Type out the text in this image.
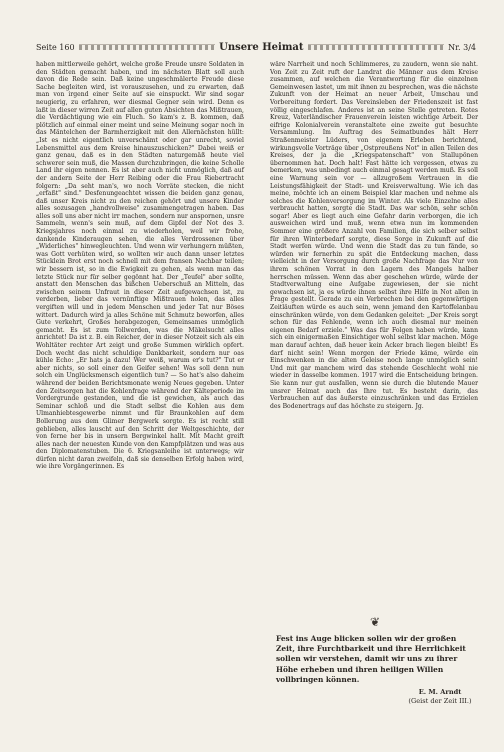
Seite 160	Unsere Heimat	Nr. 3/4

haben mittlerweile gehört, welche große Freude unsre Soldaten in den Städten gemacht haben, und im nächsten Blatt soll auch davon die Rede sein. Daß keine ungeschmälerte Freude diese Sache begleiten wird, ist vorauszusehen, und zu erwarten, daß man von irgend einer Seite auf sie einspuckt. Wir sind sogar neugierig, zu erfahren, wer diesmal Gegner sein wird. Denn es laßt in dieser wirren Zeit auf allen guten Absichten das Mißtrauen, die Verdächtigung wie ein Fluch. So kam's z. B. kommen, daß plötzlich auf einmal einer meint und seine Meinung sogar noch in das Mäntelchen der Barmherzigkeit mit den Allernächsten hüllt: „Ist es nicht eigentlich unverschämt oder gar unrecht, soviel Lebensmittel aus dem Kreise hinauszuschicken?" Dabei weiß er ganz genau, daß es in den Städten naturgemäß heute viel schwerer sein muß, die Massen durchzubringen, die keine Scholle Land ihr eigen nennen. Es ist aber auch nicht unmöglich, daß auf der andern Seite der Herr Reibing oder die Frau Riebertracht folgern: „Da seht man's, wo noch Vorräte stecken, die nicht „erfaßt" sind." Desfenungeachtet wissen die beiden ganz genau, daß unser Kreis nicht zu den reichen gehört und unsere Kinder alles sozusagen „handvollweise" zusammengetragen haben. Das alles soll uns aber nicht irr machen, sondern nur anspornen, unsre Sammeln, wenn's sein muß, auf dem Gipfel der Not des 3. Kriegsjahres noch einmal zu wiederholen, weil wir frohe, dankende Kinderaugen sehen, die alles Verdrossenen über „Widerliches" hinwegleuchten. Und wenn wir verhungern müßten, was Gott verhüten wird, so wollten wir auch dann unser letztes Stücklein Brot erst noch schnell mit dem fransen Nachbar teilen; wir bessern ist, so in die Ewigkeit zu gehen, als wenn man das letzte Stück nur für selber gegönnt hat. Der „Teufel" aber sollte, anstatt den Menschen das bißchen Ueberschuß an Mitteln, das zwischen seinem Unfraut in dieser Zeit aufgewachsen ist, zu verderben, lieber das vernünftige Mißtrauen holen, das alles vergiften will und in jedem Menschen und jeder Tat nur Böses wittert. Dadurch wird ja alles Schöne mit Schmutz beworfen, alles Gute verkehrt, Großes herabgezogen, Gemeinsames unmöglich gemacht. Es ist zum Tollwerden, was die Mäkelsucht alles anrichtet! Da ist z. B. ein Reicher, der in dieser Notzeit sich als ein Wohltäter rechter Art zeigt und große Summen wirklich opfert. Doch wecht das nicht schuldige Dankbarkeit, sondern nur oas kühle Echo: „Er hats ja dazu! Wer weiß, warum er's tut?" Tut er aber nichts, so soll einer den Geifer sehen! Was soll denn nun solch ein Unglücksmensch eigentlich tun? — So hat's also daheim während der beiden Berichtsmonate wenig Neues gegeben. Unter den Zeitsorgen hat die Kohlenfrage während der Kälteperiode im Vordergrunde gestanden, und die ist gewichen, als auch das Seminar schloß und die Stadt selbst die Kohlen aus dem Ulmanhiebtesgewerbe nimmt und für Braunkohlen auf dem Bollerung aus dem Glimer Bergwerk sorgte. Es ist recht still geblieben, alles lauscht auf den Schritt der Weltgeschichte, der von ferne her bis in unsern Bergwinkel hallt. Mit Macht greift alles nach der neuesten Kunde von den Kampfplätzen und was aus den Diplomatenstuben. Die 6. Kriegsanleihe ist unterwegs; wir dürfen nicht daran zweifeln, daß sie denselben Erfolg haben wird, wie ihre Vorgängerinnen. Es

wäre Narrheit und noch Schlimmeres, zu zaudern, wenn sie naht. Von Zeit zu Zeit ruft der Landrat die Männer aus dem Kreise zusammen, auf welchen die Verantwortung für die einzelnen Gemeinwesen lastet, um mit ihnen zu besprechen, was die nächste Zukunft von der Heimat an neuer Arbeit, Umschau und Vorbereitung fordert. Das Vereinsleben der Friedenszeit ist fast völlig eingeschlafen. Anderes ist an seine Stelle getreten. Rotes Kreuz, Vaterländischer Frauenverein leisten wichtige Arbeit. Der eifrige Kolonialverein veranstaltete eine zweite gut besuchte Versammlung. Im Auftrag des Seimatbundes hält Herr Straßenmeister Lüders, von eigenem Erleben berichtend, wirkungsvolle Vorträge über „Ostpreußens Not" in allen Teilen des Kreises, der ja die „Kriegspatenschaft" von Stallupönen übernommen hat. Doch halt! Fast hätte ich vergessen, etwas zu bemerken, was unbedingt auch einmal gesagt werden muß. Es soll eine Warnung sein vor — allzugroßem Vertrauen in die Leistungsfähigkeit der Stadt- und Kreisverwaltung. Wie ich das meine, möchte ich an einem Beispiel klar machen und nehme als solches die Kohlenversorgung im Winter. Als viele Einzelne alles verbraucht hatten, sorgte die Stadt. Das war schön, sehr schön sogar! Aber es liegt auch eine Gefahr darin verborgen, die ich ausweichen wird und muß, wenn etwa nun im kommenden Sommer eine größere Anzahl von Familien, die sich selber selbst für ihren Winterbedarf sorgte, diese Sorge in Zukunft auf die Stadt werfen würde. Und wenn die Stadt das zu tun fände, so würden wir fernerhin zu spät die Entdeckung machen, dass vielleicht in der Versorgung durch große Nachfrage das Nur von ihrem schönen Vorrat in den Lagern des Mangels halber herrschen müssen. Wenn das aber geschehen würde, würde der Stadtverwaltung eine Aufgabe zugewiesen, der sie nicht gewachsen ist, ja es würde ihnen selbst ihre Hilfe in Not allen in Frage gestellt. Gerade zu ein Verbrechen bei den gegenwärtigen Zeitläuften würde es auch sein, wenn jemand den Kartoffelanbau einschränken würde, von dem Gedanken geleitet: „Der Kreis sorgt schon für das Fehlende, wenn ich auch diesmal nur meinen eigenen Bedarf erziele." Was das für Folgen haben würde, kann sich ein einigermaßen Einsichtiger wohl selbst klar machen. Möge man darauf achten, daß heuer kein Acker brach liegen bleibt! Es darf nicht sein! Wenn morgen der Friede käme, würde ein Einschwenken in die alten Geleise noch lange unmöglich sein! Und mit gar manchem wird das stehende Geschlecht wohl nie wieder in dasselbe kommen. 1917 wird die Entscheidung bringen. Sie kann nur gut ausfallen, wenn sie durch die blutende Mauer unsrer Heimat auch das Ihre tut. Es besteht darin, das Verbrauchen auf das äußerste einzuschränken und das Erzielen des Bodenertrags auf das höchste zu steigern. Jg.

❦
Fest ins Auge blicken sollen wir der großen Zeit, ihre Furchtbarkeit und ihre Herrlichkeit sollen wir verstehen, damit wir uns zu ihrer Höhe erheben und ihren heiligen Willen vollbringen können.
E. M. Arndt
(Geist der Zeit III.)
